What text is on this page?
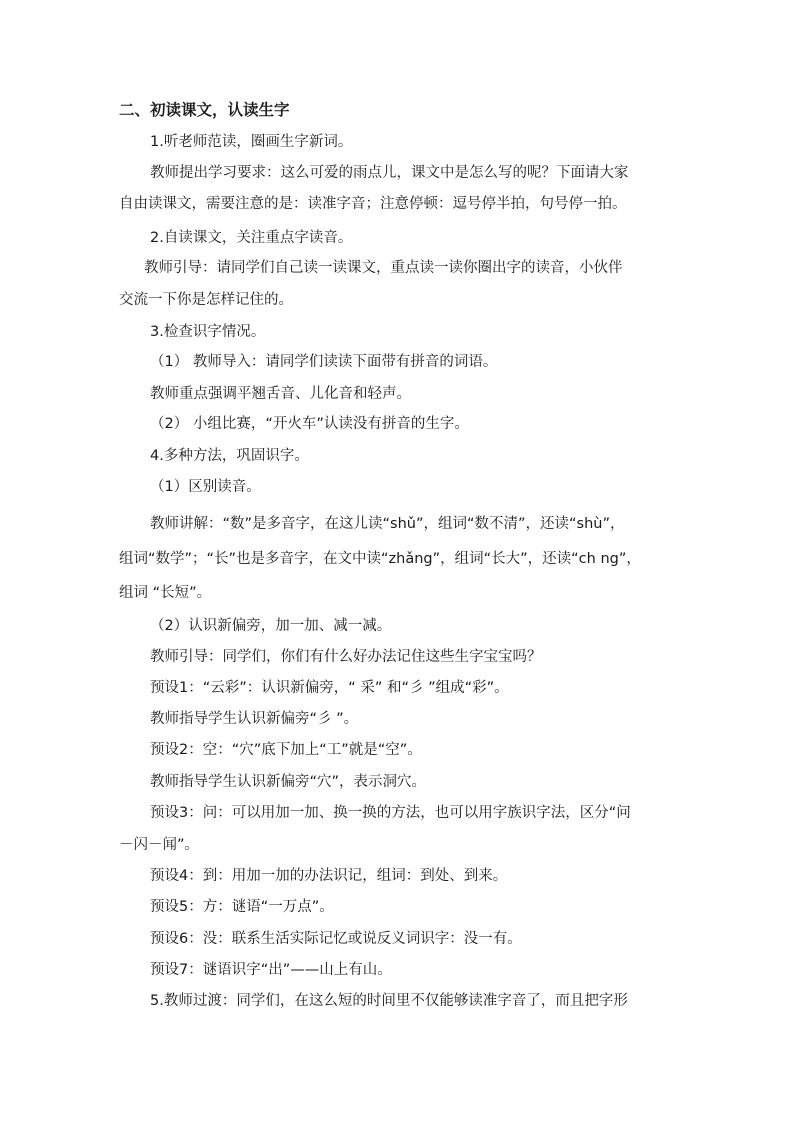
二、初读课文，认读生字
1.听老师范读，圈画生字新词。
教师提出学习要求：这么可爱的雨点儿，课文中是怎么写的呢？下面请大家
自由读课文，需要注意的是：读准字音；注意停顿：逗号停半拍，句号停一拍。
2.自读课文，关注重点字读音。
教师引导：请同学们自己读一读课文，重点读一读你圈出字的读音，小伙伴
交流一下你是怎样记住的。
3.检查识字情况。
（1） 教师导入：请同学们读读下面带有拼音的词语。
教师重点强调平翘舌音、儿化音和轻声。
（2） 小组比赛，“开火车”认读没有拼音的生字。
4.多种方法，巩固识字。
（1）区别读音。
教师讲解：“数”是多音字，在这儿读“shǔ”，组词“数不清”，还读“shù”，
组词“数学”；“长”也是多音字，在文中读“zhǎng”，组词“长大”，还读“ch ng”，
组词 “长短”。
（2）认识新偏旁，加一加、减一减。
教师引导：同学们，你们有什么好办法记住这些生字宝宝吗？
预设1：“云彩”：认识新偏旁，“ 采” 和“彡 ”组成“彩”。
教师指导学生认识新偏旁“彡 ”。
预设2：空：“穴”底下加上“工”就是“空”。
教师指导学生认识新偏旁“穴”，表示洞穴。
预设3：问：可以用加一加、换一换的方法，也可以用字族识字法，区分“问
－闪－闻”。
预设4：到：用加一加的办法识记，组词：到处、到来。
预设5：方：谜语“一万点”。
预设6：没：联系生活实际记忆或说反义词识字：没一有。
预设7：谜语识字“出”——山上有山。
5.教师过渡：同学们，在这么短的时间里不仅能够读准字音了，而且把字形
